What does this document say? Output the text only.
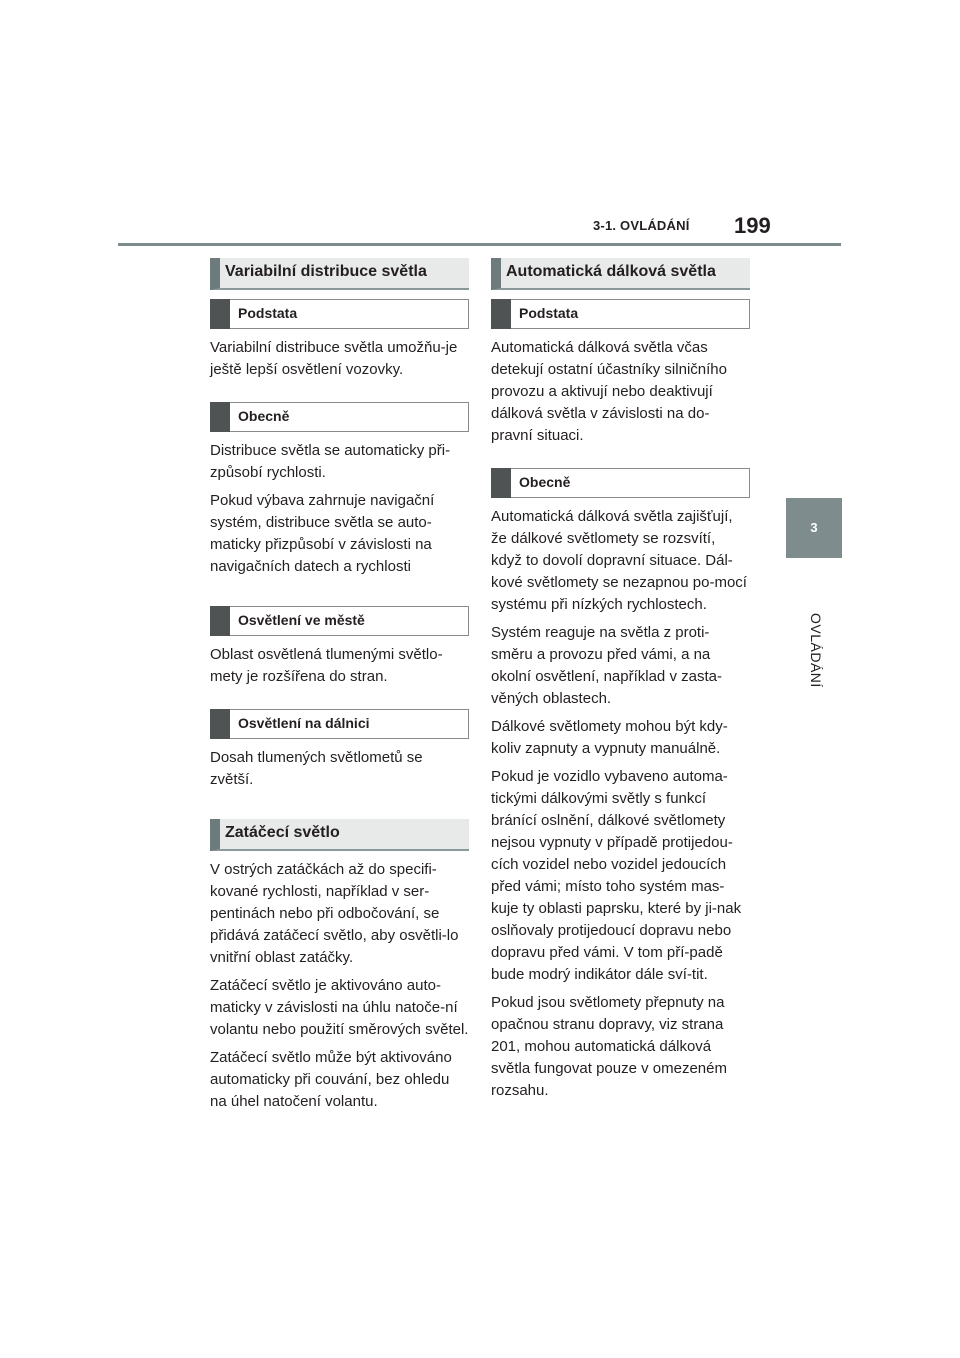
3-1. OVLÁDÁNÍ 199
3
OVLÁDÁNÍ
Variabilní distribuce světla
Podstata

Variabilní distribuce světla umožňu-je ještě lepší osvětlení vozovky.

Obecně

Distribuce světla se automaticky při-způsobí rychlosti.

Pokud výbava zahrnuje navigační systém, distribuce světla se auto-maticky přizpůsobí v závislosti na navigačních datech a rychlosti

Osvětlení ve městě

Oblast osvětlená tlumenými světlo-mety je rozšířena do stran.

Osvětlení na dálnici

Dosah tlumených světlometů se zvětší.

Zatáčecí světlo

V ostrých zatáčkách až do specifi-kované rychlosti, například v ser-pentinách nebo při odbočování, se přidává zatáčecí světlo, aby osvětli-lo vnitřní oblast zatáčky.

Zatáčecí světlo je aktivováno auto-maticky v závislosti na úhlu natoče-ní volantu nebo použití směrových světel.

Zatáčecí světlo může být aktivováno automaticky při couvání, bez ohledu na úhel natočení volantu.

Automatická dálková světla
Podstata

Automatická dálková světla včas detekují ostatní účastníky silničního provozu a aktivují nebo deaktivují dálková světla v závislosti na do-pravní situaci.

Obecně

Automatická dálková světla zajišťují, že dálkové světlomety se rozsvítí, když to dovolí dopravní situace. Dál-kové světlomety se nezapnou po-mocí systému při nízkých rychlostech.

Systém reaguje na světla z proti-směru a provozu před vámi, a na okolní osvětlení, například v zasta-věných oblastech.

Dálkové světlomety mohou být kdy-koliv zapnuty a vypnuty manuálně.

Pokud je vozidlo vybaveno automa-tickými dálkovými světly s funkcí bránící oslnění, dálkové světlomety nejsou vypnuty v případě protijedou-cích vozidel nebo vozidel jedoucích před vámi; místo toho systém mas-kuje ty oblasti paprsku, které by ji-nak oslňovaly protijedoucí dopravu nebo dopravu před vámi. V tom pří-padě bude modrý indikátor dále sví-tit.

Pokud jsou světlomety přepnuty na opačnou stranu dopravy, viz strana 201, mohou automatická dálková světla fungovat pouze v omezeném rozsahu.
